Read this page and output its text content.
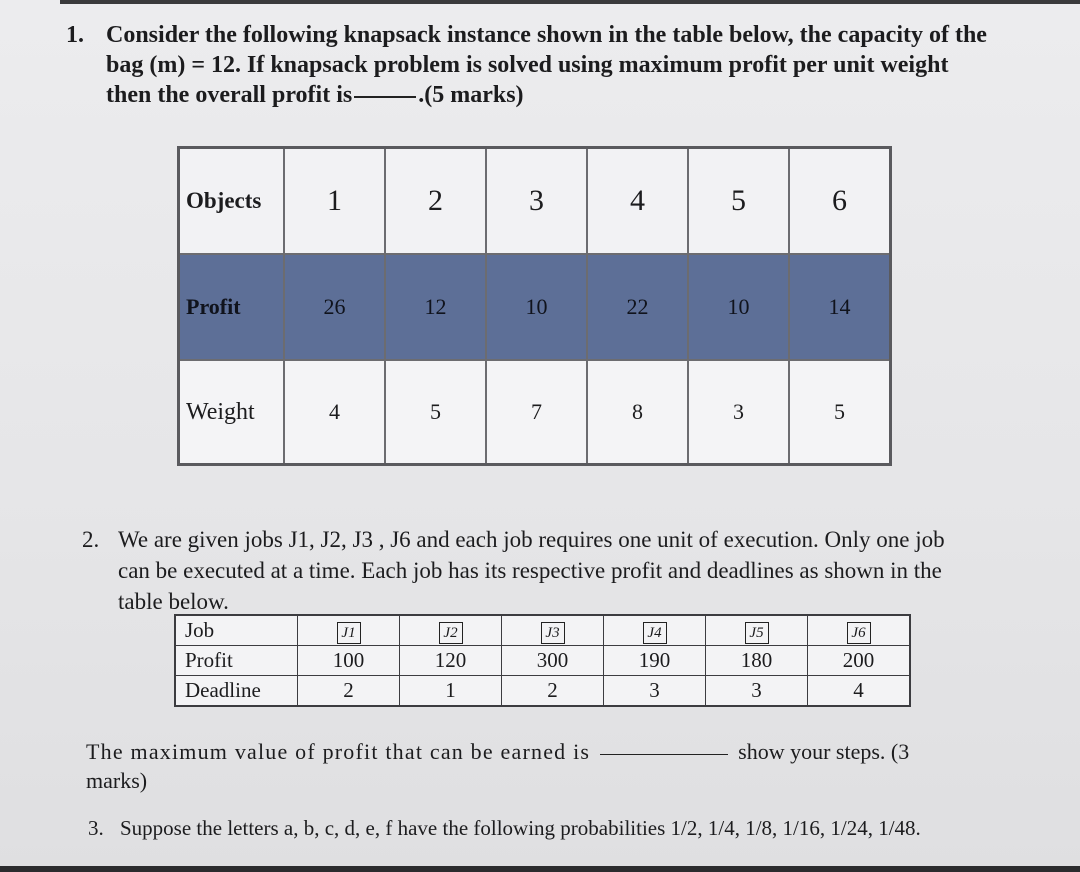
1. Consider the following knapsack instance shown in the table below, the capacity of the bag (m) = 12. If knapsack problem is solved using maximum profit per unit weight then the overall profit is	.(5 marks)
Objects	1	2	3	4	5	6
Profit	26	12	10	22	10	14
Weight	4	5	7	8	3	5
2. We are given jobs J1, J2, J3 , J6 and each job requires one unit of execution. Only one job can be executed at a time. Each job has its respective profit and deadlines as shown in the table below.
Job	J1	J2	J3	J4	J5	J6
Profit	100	120	300	190	180	200
Deadline	2	1	2	3	3	4
The maximum value of profit that can be earned is	show your steps. (3
marks)
3. Suppose the letters a, b, c, d, e, f have the following probabilities 1/2, 1/4, 1/8, 1/16, 1/24, 1/48.
